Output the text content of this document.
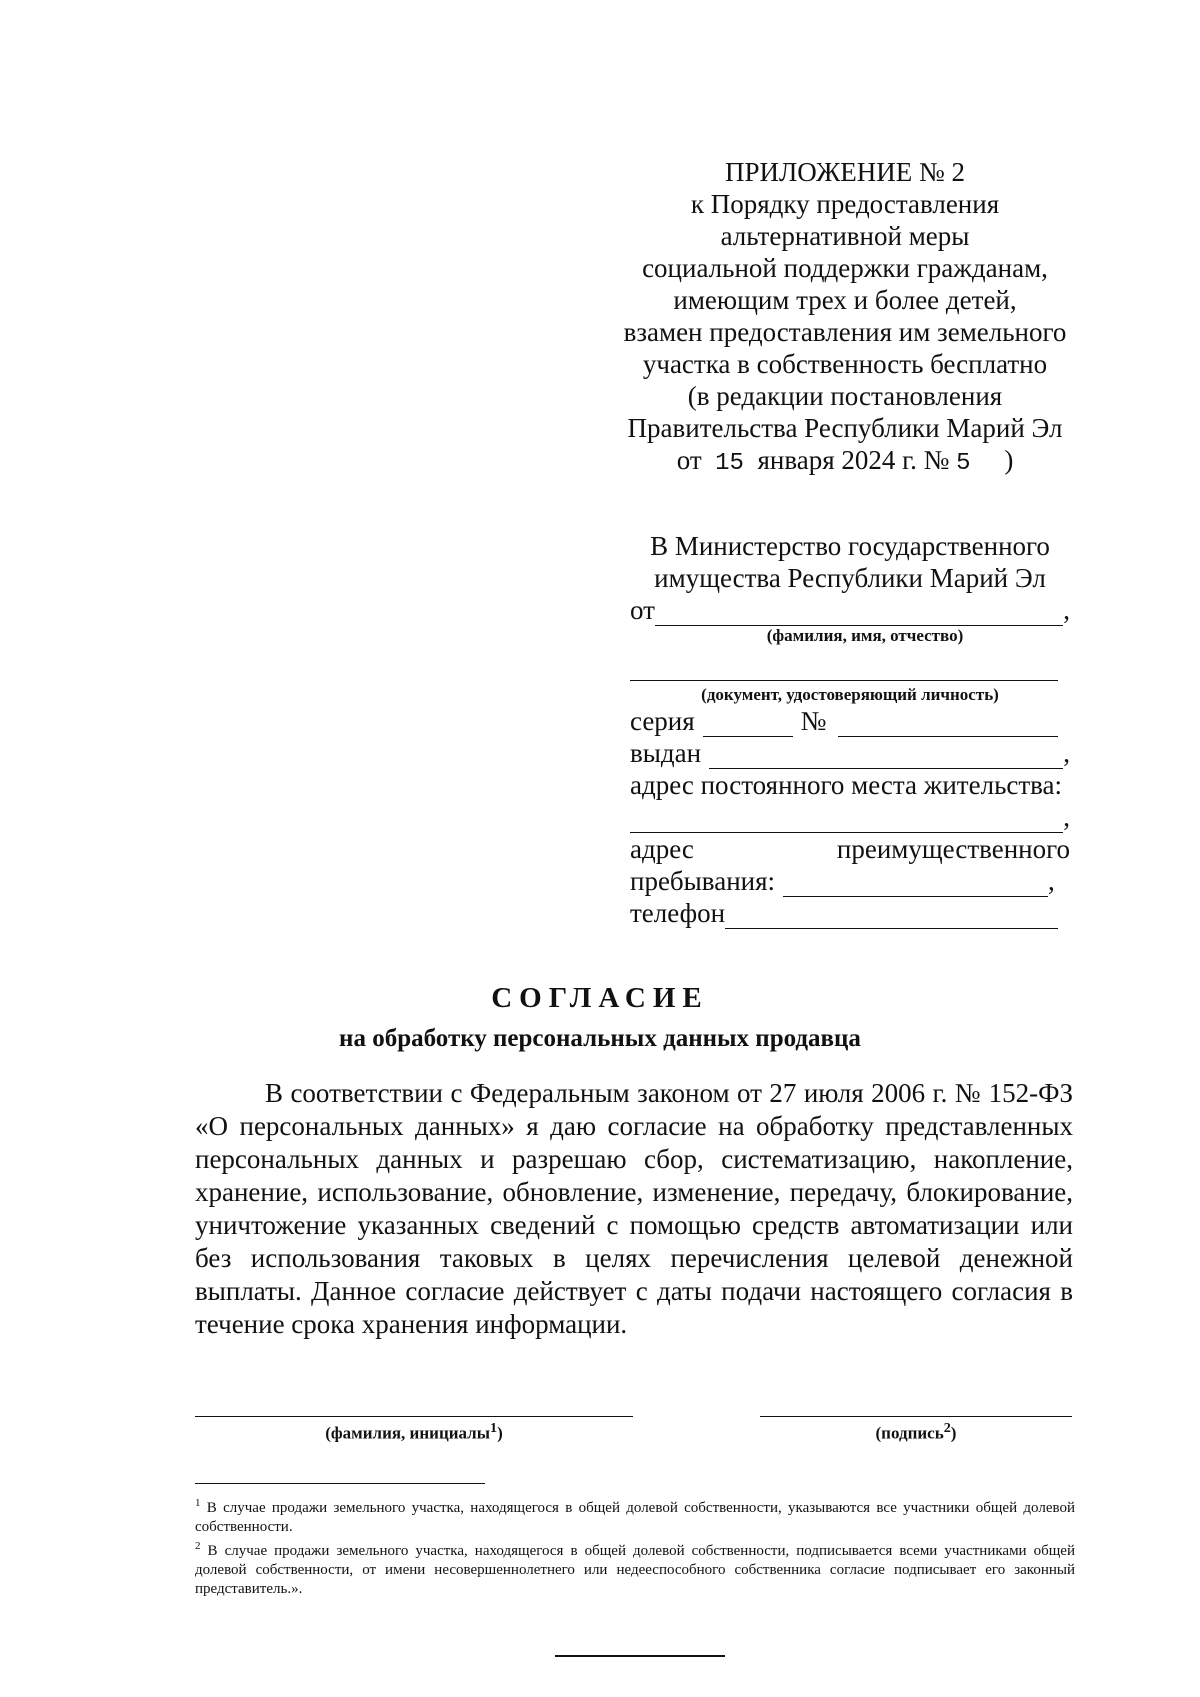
ПРИЛОЖЕНИЕ № 2
к Порядку предоставления
альтернативной меры
социальной поддержки гражданам,
имеющим трех и более детей,
взамен предоставления им земельного
участка в собственность бесплатно
(в редакции постановления
Правительства Республики Марий Эл
от 15 января 2024 г. № 5 )
В Министерство государственного
имущества Республики Марий Эл
от	,
(фамилия, имя, отчество)
(документ, удостоверяющий личность)
серия	№
выдан	,
адрес постоянного места жительства:
,
адрес	преимущественного
пребывания:	,
телефон
СОГЛАСИЕ
на обработку персональных данных продавца
В соответствии с Федеральным законом от 27 июля 2006 г. № 152-ФЗ «О персональных данных» я даю согласие на обработку представленных персональных данных и разрешаю сбор, систематизацию, накопление, хранение, использование, обновление, изменение, передачу, блокирование, уничтожение указанных сведений с помощью средств автоматизации или без использования таковых в целях перечисления целевой денежной выплаты. Данное согласие действует с даты подачи настоящего согласия в течение срока хранения информации.
(фамилия, инициалы$^1$)	(подпись$^2$)
$^1$ В случае продажи земельного участка, находящегося в общей долевой собственности, указываются все участники общей долевой собственности.
$^2$ В случае продажи земельного участка, находящегося в общей долевой собственности, подписывается всеми участниками общей долевой собственности, от имени несовершеннолетнего или недееспособного собственника согласие подписывает его законный представитель.».
